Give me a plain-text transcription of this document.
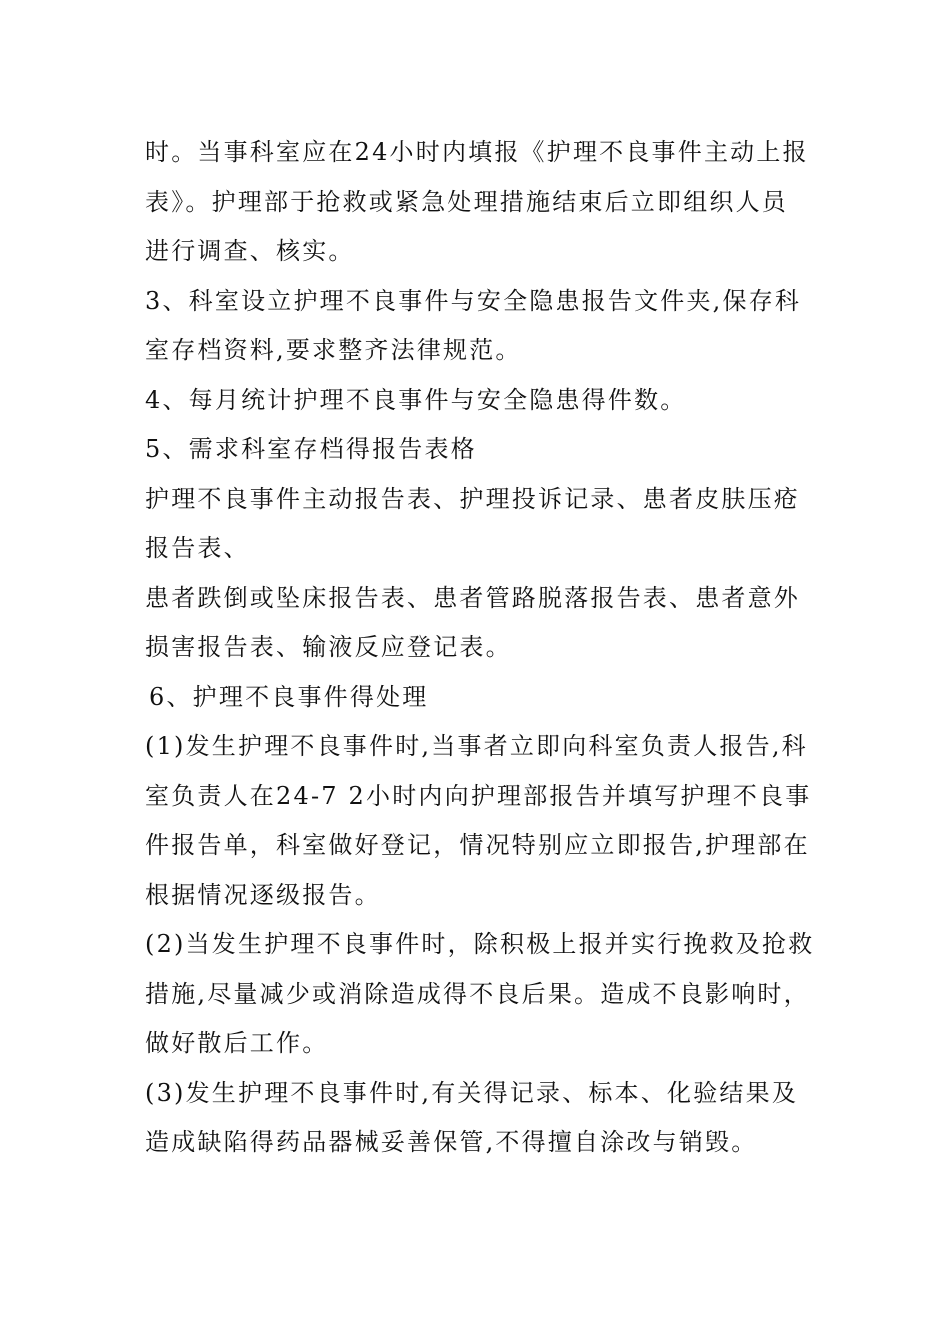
时。当事科室应在24小时内填报《护理不良事件主动上报
表》。护理部于抢救或紧急处理措施结束后立即组织人员
进行调查、核实。
3、科室设立护理不良事件与安全隐患报告文件夹,保存科
室存档资料,要求整齐法律规范。
4、每月统计护理不良事件与安全隐患得件数。
5、需求科室存档得报告表格
护理不良事件主动报告表、护理投诉记录、患者皮肤压疮
报告表、
患者跌倒或坠床报告表、患者管路脱落报告表、患者意外
损害报告表、输液反应登记表。
6、护理不良事件得处理
(1)发生护理不良事件时,当事者立即向科室负责人报告,科
室负责人在24-7 2小时内向护理部报告并填写护理不良事
件报告单，科室做好登记，情况特别应立即报告,护理部在
根据情况逐级报告。
(2)当发生护理不良事件时，除积极上报并实行挽救及抢救
措施,尽量减少或消除造成得不良后果。造成不良影响时，
做好散后工作。
(3)发生护理不良事件时,有关得记录、标本、化验结果及
造成缺陷得药品器械妥善保管,不得擅自涂改与销毁。
